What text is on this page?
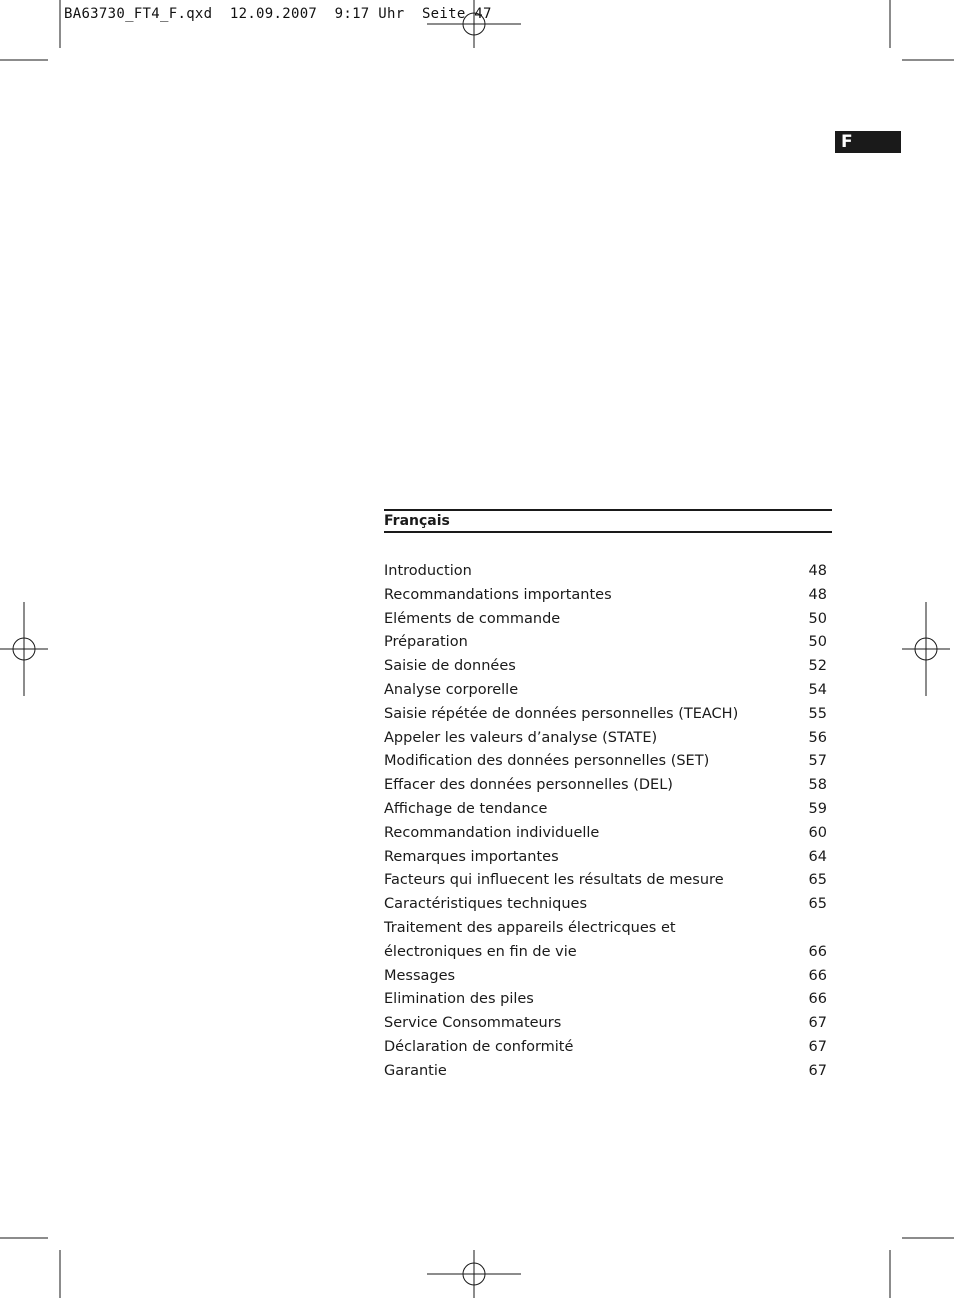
BA63730_FT4_F.qxd 12.09.2007 9:17 Uhr Seite 47
F
Français
Introduction	48
Recommandations importantes	48
Eléments de commande	50
Préparation	50
Saisie de données	52
Analyse corporelle	54
Saisie répétée de données personnelles (TEACH)	55
Appeler les valeurs d’analyse (STATE)	56
Modification des données personnelles (SET)	57
Effacer des données personnelles (DEL)	58
Affichage de tendance	59
Recommandation individuelle	60
Remarques importantes	64
Facteurs qui influecent les résultats de mesure	65
Caractéristiques techniques	65
Traitement des appareils électricques et
électroniques en fin de vie	66
Messages	66
Elimination des piles	66
Service Consommateurs	67
Déclaration de conformité	67
Garantie	67
